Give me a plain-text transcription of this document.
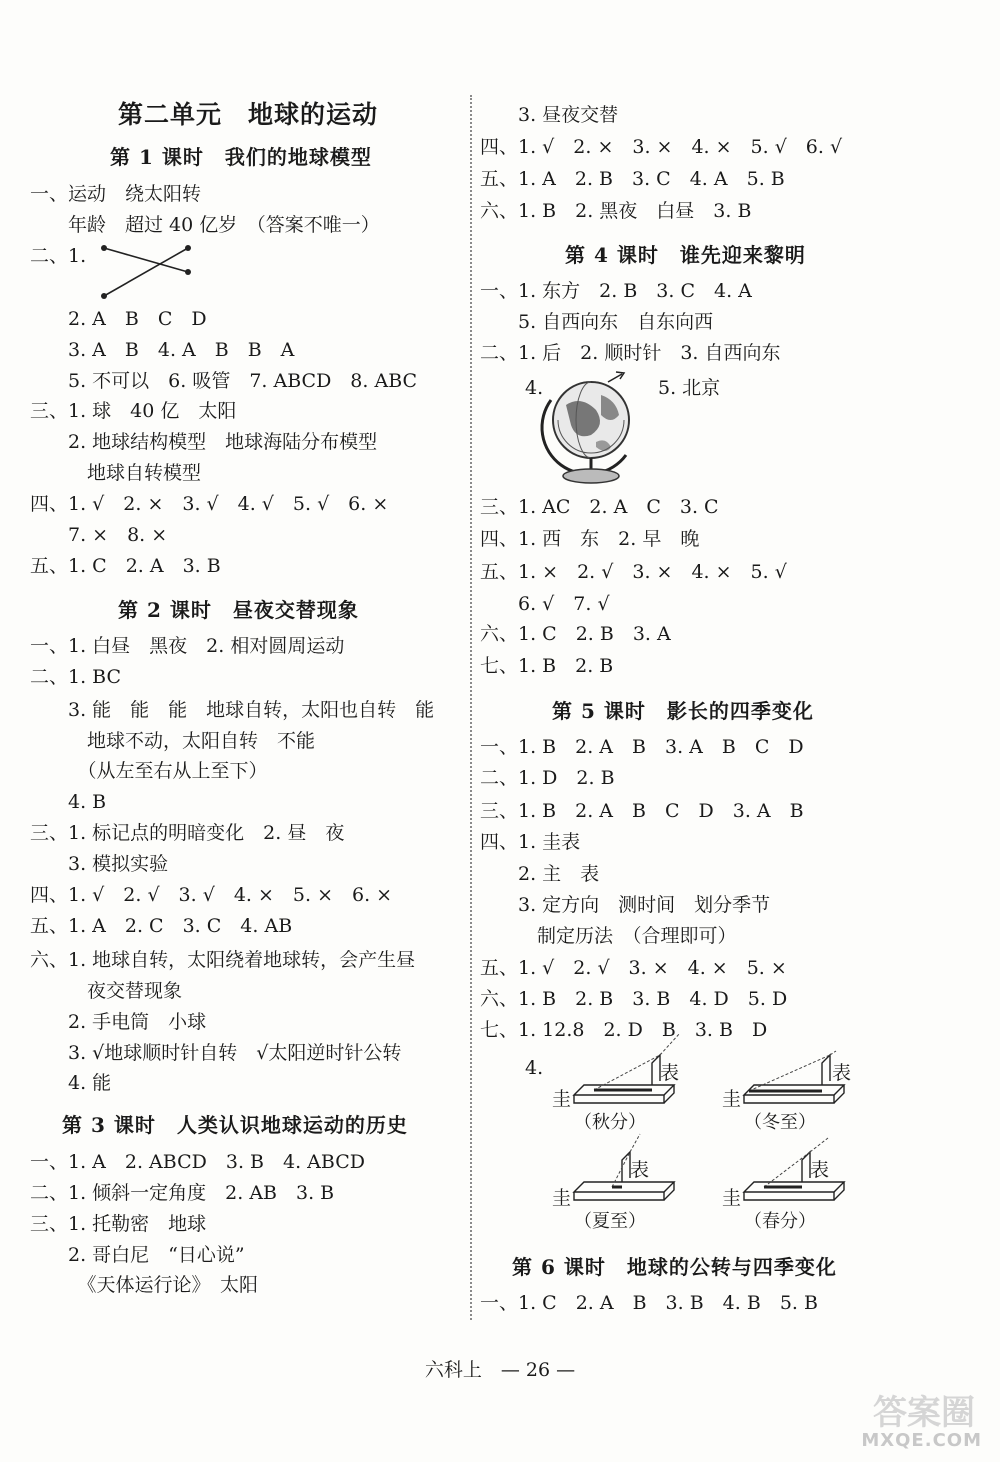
第二单元　地球的运动
第 1 课时　我们的地球模型
一、运动　绕太阳转
　　年龄　超过 40 亿岁　（答案不唯一）
二、1.
　　2. A　B　C　D
　　3. A　B　4. A　B　B　A
　　5. 不可以　6. 吸管　7. ABCD　8. ABC
三、1. 球　40 亿　太阳
　　2. 地球结构模型　地球海陆分布模型
　　　地球自转模型
四、1. √　2. ×　3. √　4. √　5. √　6. ×
　　7. ×　8. ×
五、1. C　2. A　3. B
第 2 课时　昼夜交替现象
一、1. 白昼　黑夜　2. 相对圆周运动
二、1. BC
　　3. 能　能　能　地球自转，太阳也自转　能
　　　地球不动，太阳自转　不能
　　　（从左至右从上至下）
　　4. B
三、1. 标记点的明暗变化　2. 昼　夜
　　3. 模拟实验
四、1. √　2. √　3. √　4. ×　5. ×　6. ×
五、1. A　2. C　3. C　4. AB
六、1. 地球自转，太阳绕着地球转，会产生昼
　　　夜交替现象
　　2. 手电筒　小球
　　3. √地球顺时针自转　√太阳逆时针公转
　　4. 能
第 3 课时　人类认识地球运动的历史
一、1. A　2. ABCD　3. B　4. ABCD
二、1. 倾斜一定角度　2. AB　3. B
三、1. 托勒密　地球
　　2. 哥白尼　“日心说”
　　　《天体运行论》　太阳
　　3. 昼夜交替
四、1. √　2. ×　3. ×　4. ×　5. √　6. √
五、1. A　2. B　3. C　4. A　5. B
六、1. B　2. 黑夜　白昼　3. B
第 4 课时　谁先迎来黎明
一、1. 东方　2. B　3. C　4. A
　　5. 自西向东　自东向西
二、1. 后　2. 顺时针　3. 自西向东
4.	5. 北京
三、1. AC　2. A　C　3. C
四、1. 西　东　2. 早　晚
五、1. ×　2. √　3. ×　4. ×　5. √
　　6. √　7. √
六、1. C　2. B　3. A
七、1. B　2. B
第 5 课时　影长的四季变化
一、1. B　2. A　B　3. A　B　C　D
二、1. D　2. B
三、1. B　2. A　B　C　D　3. A　B
四、1. 圭表
　　2. 主　表
　　3. 定方向　测时间　划分季节
　　　制定历法　（合理即可）
五、1. √　2. √　3. ×　4. ×　5. ×
六、1. B　2. B　3. B　4. D　5. D
七、1. 12.8　2. D　B　3. B　D
4.
圭
表
（秋分）
圭
表
（冬至）
圭
表
（夏至）
圭
表
（春分）
第 6 课时　地球的公转与四季变化
一、1. C　2. A　B　3. B　4. B　5. B
六科上　— 26 —
答案圈
MXQE.COM
